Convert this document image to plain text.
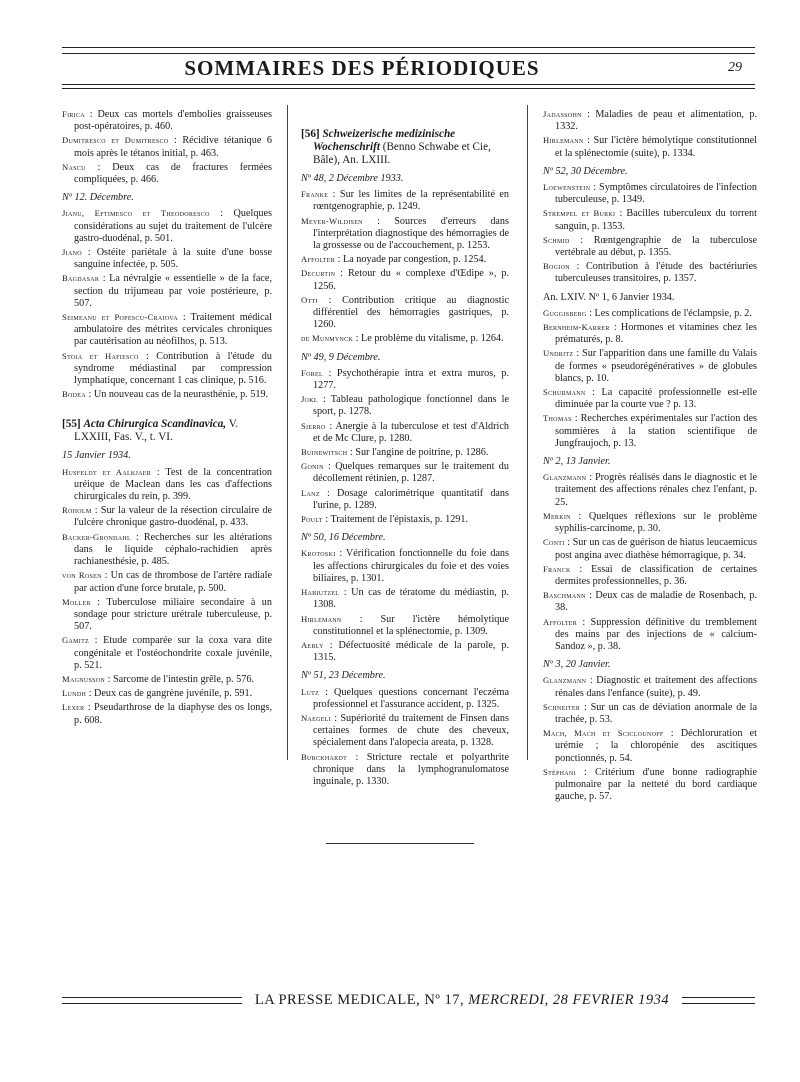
SOMMAIRES DES PÉRIODIQUES	29
Firica : Deux cas mortels d'embolies graisseuses post-opératoires, p. 460.
Dumitresco et Dumitresco : Récidive tétanique 6 mois après le tétanos initial, p. 463.
Nascu : Deux cas de fractures fermées compliquées, p. 466.
Nº 12. Décembre.
Jianu, Eftimesco et Theodoresco : Quelques considérations au sujet du traitement de l'ulcère gastro-duodénal, p. 501.
Jiano : Ostéite pariétale à la suite d'une bosse sanguine infectée, p. 505.
Bagdasar : La névralgie « essentielle » de la face, section du trijumeau par voie postérieure, p. 507.
Seimeanu et Popescu-Craiova : Traitement médical ambulatoire des métrites cervicales chroniques par cautérisation au néofilhos, p. 513.
Stoia et Hafiesco : Contribution à l'étude du syndrome médiastinal par compression lymphatique, concernant 1 cas clinique, p. 516.
Bodea : Un nouveau cas de la neurasthénie, p. 519.
[55] Acta Chirurgica Scandinavica, V. LXXIII, Fas. V., t. VI.
15 Janvier 1934.
Husfeldt et Aalkjaer : Test de la concentration uréique de Maclean dans les cas d'affections chirurgicales du rein, p. 399.
Roholm : Sur la valeur de la résection circulaire de l'ulcère chronique gastro-duodénal, p. 433.
Backer-Grondahl : Recherches sur les altérations dans le liquide céphalo-rachidien après rachianesthésie, p. 485.
von Rosen : Un cas de thrombose de l'artère radiale par action d'une force brutale, p. 500.
Moller : Tuberculose miliaire secondaire à un sondage pour stricture urétrale tuberculeuse, p. 507.
Gamitz : Etude comparée sur la coxa vara dite congénitale et l'ostéochondrite coxale juvénile, p. 521.
Magnusson : Sarcome de l'intestin grêle, p. 576.
Lundh : Deux cas de gangrène juvénile, p. 591.
Lexer : Pseudarthrose de la diaphyse des os longs, p. 608.
[56] Schweizerische medizinische Wochenschrift (Benno Schwabe et Cie, Bâle), An. LXIII.
Nº 48, 2 Décembre 1933.
Franke : Sur les limites de la représentabilité en rœntgenographie, p. 1249.
Meyer-Wildisen : Sources d'erreurs dans l'interprétation diagnostique des hémorragies de la grossesse ou de l'accouchement, p. 1253.
Affolter : La noyade par congestion, p. 1254.
Decurtin : Retour du « complexe d'Œdipe », p. 1256.
Otti : Contribution critique au diagnostic différentiel des hémorragies gastriques, p. 1260.
de Munmynck : Le problème du vitalisme, p. 1264.
Nº 49, 9 Décembre.
Forel : Psychothérapie intra et extra muros, p. 1277.
Jokl : Tableau pathologique fonctionnel dans le sport, p. 1278.
Sierro : Anergie à la tuberculose et test d'Aldrich et de Mc Clure, p. 1280.
Buinewitsch : Sur l'angine de poitrine, p. 1286.
Gonin : Quelques remarques sur le traitement du décollement rétinien, p. 1287.
Lanz : Dosage calorimétrique quantitatif dans l'urine, p. 1289.
Poult : Traitement de l'épistaxis, p. 1291.
Nº 50, 16 Décembre.
Krotoski : Vérification fonctionnelle du foie dans les affections chirurgicales du foie et des voies biliaires, p. 1301.
Habiutzel : Un cas de tératome du médiastin, p. 1308.
Hirlemann : Sur l'ictère hémolytique constitutionnel et la splénectomie, p. 1309.
Aebly : Défectuosité médicale de la parole, p. 1315.
Nº 51, 23 Décembre.
Lutz : Quelques questions concernant l'eczéma professionnel et l'assurance accident, p. 1325.
Naegeli : Supériorité du traitement de Finsen dans certaines formes de chute des cheveux, spécialement dans l'alopecia areata, p. 1328.
Burckhardt : Stricture rectale et polyarthrite chronique dans la lymphogranulomatose inguinale, p. 1330.
Jadassohn : Maladies de peau et alimentation, p. 1332.
Hirlemann : Sur l'ictère hémolytique constitutionnel et la splénectomie (suite), p. 1334.
Nº 52, 30 Décembre.
Loewenstein : Symptômes circulatoires de l'infection tuberculeuse, p. 1349.
Strempel et Burki : Bacilles tuberculeux du torrent sanguin, p. 1353.
Schmid : Rœntgengraphie de la tuberculose vertébrale au début, p. 1355.
Bogion : Contribution à l'étude des bactériuries tuberculeuses transitoires, p. 1357.
An. LXIV. Nº 1, 6 Janvier 1934.
Guggisberg : Les complications de l'éclampsie, p. 2.
Bernheim-Karrer : Hormones et vitamines chez les prématurés, p. 8.
Undritz : Sur l'apparition dans une famille du Valais de formes « pseudorégénératives » de globules blancs, p. 10.
Schurmann : La capacité professionnelle est-elle diminuée par la courte vue ? p. 13.
Thomas : Recherches expérimentales sur l'action des sommières à la station scientifique de Jungfraujoch, p. 13.
Nº 2, 13 Janvier.
Glanzmann : Progrès réalisés dans le diagnostic et le traitement des affections rénales chez l'enfant, p. 25.
Merkin : Quelques réflexions sur le problème syphilis-carcinome, p. 30.
Conti : Sur un cas de guérison de hiatus leucaemicus post angina avec diathèse hémorragique, p. 34.
Franck : Essai de classification de certaines dermites professionnelles, p. 36.
Baschmann : Deux cas de maladie de Rosenbach, p. 38.
Affolter : Suppression définitive du tremblement des mains par des injections de « calcium-Sandoz », p. 38.
Nº 3, 20 Janvier.
Glanzmann : Diagnostic et traitement des affections rénales dans l'enfance (suite), p. 49.
Schneiter : Sur un cas de déviation anormale de la trachée, p. 53.
Mach, Mach et Sciclounoff : Déchloruration et urémie ; la chloropénie des ascitiques ponctionnés, p. 54.
Stéphani : Critérium d'une bonne radiographie pulmonaire par la netteté du bord cardiaque gauche, p. 57.
LA PRESSE MEDICALE, Nº 17, MERCREDI, 28 FEVRIER 1934
